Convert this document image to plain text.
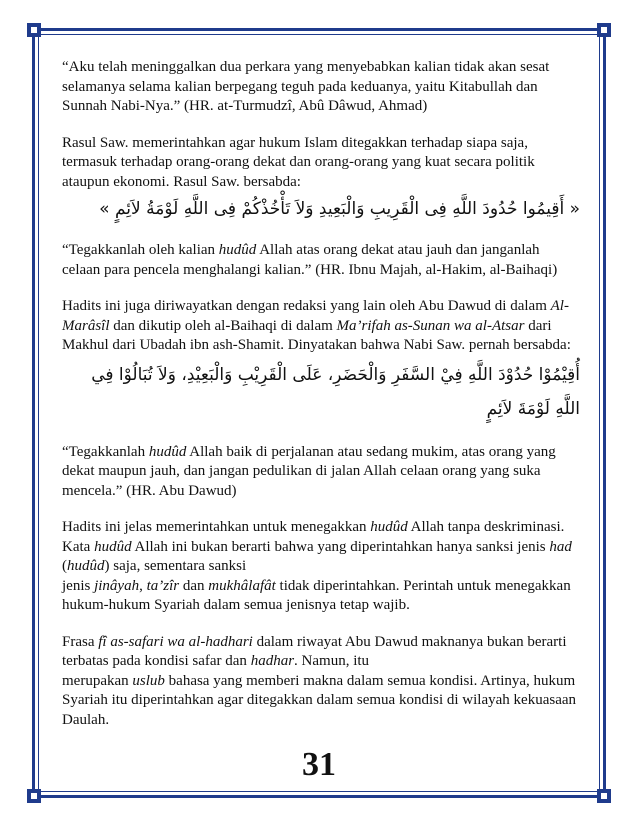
“Aku telah meninggalkan dua perkara yang menyebabkan kalian tidak akan sesat selamanya selama kalian berpegang teguh pada keduanya, yaitu Kitabullah dan Sunnah Nabi-Nya.” (HR. at-Turmudzî, Abû Dâwud, Ahmad)

Rasul Saw. memerintahkan agar hukum Islam ditegakkan terhadap siapa saja, termasuk terhadap orang-orang dekat dan orang-orang yang kuat secara politik ataupun ekonomi. Rasul Saw. bersabda:

« أَقِيمُوا حُدُودَ اللَّهِ فِى الْقَرِيبِ وَالْبَعِيدِ وَلاَ تَأْخُذْكُمْ فِى اللَّهِ لَوْمَةُ لاَئِمٍ »

“Tegakkanlah oleh kalian hudûd Allah atas orang dekat atau jauh dan janganlah celaan para pencela menghalangi kalian.” (HR. Ibnu Majah, al-Hakim, al-Baihaqi)

Hadits ini juga diriwayatkan dengan redaksi yang lain oleh Abu Dawud di dalam Al-Marâsîl dan dikutip oleh al-Baihaqi di dalam Ma’rifah as-Sunan wa al-Atsar dari Makhul dari Ubadah ibn ash-Shamit. Dinyatakan bahwa Nabi Saw. pernah bersabda:

أُقِيْمُوْا حُدُوْدَ اللَّهِ فِيْ السَّفَرِ وَالْحَضَرِ، عَلَى الْقَرِيْبِ وَالْبَعِيْدِ، وَلاَ تُبَالُوْا فِي اللَّهِ لَوْمَةَ لاَئِمٍ

“Tegakkanlah hudûd Allah baik di perjalanan atau sedang mukim, atas orang yang dekat maupun jauh, dan jangan pedulikan di jalan Allah celaan orang yang suka mencela.” (HR. Abu Dawud)

Hadits ini jelas memerintahkan untuk menegakkan hudûd Allah tanpa deskriminasi. Kata hudûd Allah ini bukan berarti bahwa yang diperintahkan hanya sanksi jenis had (hudûd) saja, sementara sanksi
jenis jinâyah, ta’zîr dan mukhâlafât tidak diperintahkan. Perintah untuk menegakkan hukum-hukum Syariah dalam semua jenisnya tetap wajib.

Frasa fî as-safari wa al-hadhari dalam riwayat Abu Dawud maknanya bukan berarti terbatas pada kondisi safar dan hadhar. Namun, itu
merupakan uslub bahasa yang memberi makna dalam semua kondisi. Artinya, hukum Syariah itu diperintahkan agar ditegakkan dalam semua kondisi di wilayah kekuasaan Daulah.

31
